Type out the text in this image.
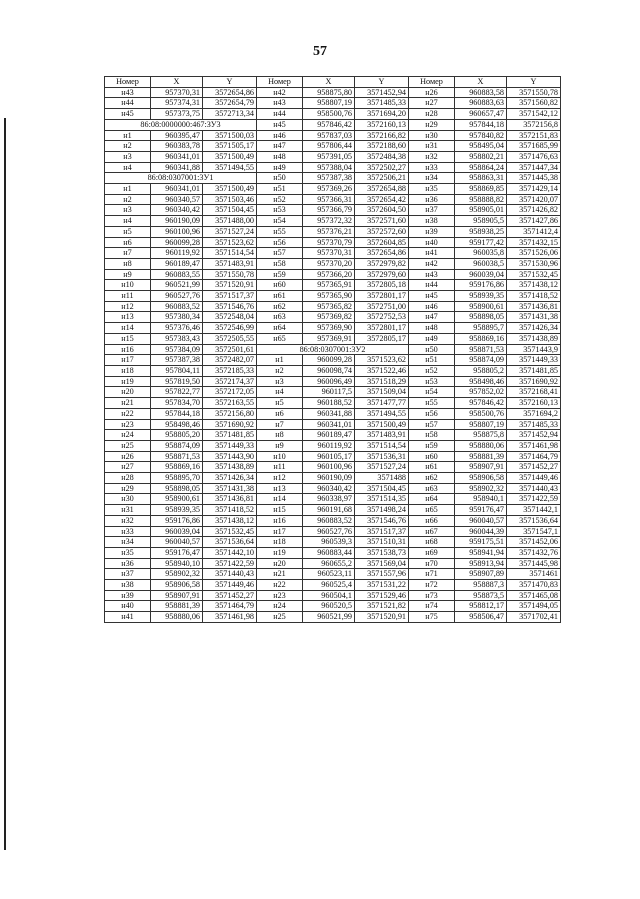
57
Номер	X	Y	Номер	X	Y	Номер	X	Y
н43	957370,31	3572654,86	н42	958875,80	3571452,94	н26	960883,58	3571550,78
н44	957374,31	3572654,79	н43	958807,19	3571485,33	н27	960883,63	3571560,82
н45	957373,75	3572713,34	н44	958500,76	3571694,20	н28	960657,47	3571542,12
86:08:0000000:467:ЗУ3			н45	957846,42	3572160,13	н29	957844,18	3572156,8
н1	960395,47	3571500,03	н46	957837,03	3572166,82	н30	957840,82	3572151,83
н2	960383,78	3571505,17	н47	957806,44	3572188,60	н31	958495,04	3571685,99
н3	960341,01	3571500,49	н48	957391,05	3572484,38	н32	958802,21	3571476,63
н4	960341,88	3571494,55	н49	957388,04	3572502,27	н33	958864,24	3571447,34
86:08:0307001:3У1			н50	957387,38	3572506,21	н34	958863,31	3571445,38
н1	960341,01	3571500,49	н51	957369,26	3572654,88	н35	958869,85	3571429,14
н2	960340,57	3571503,46	н52	957366,31	3572654,42	н36	958888,82	3571420,07
н3	960340,42	3571504,45	н53	957366,79	3572604,50	н37	958905,01	3571426,82
н4	960190,09	3571488,00	н54	957372,32	3572571,60	н38	958905,5	3571427,86
н5	960100,96	3571527,24	н55	957376,21	3572572,60	н39	958938,25	3571412,4
н6	960099,28	3571523,62	н56	957370,79	3572604,85	н40	959177,42	3571432,15
н7	960119,92	3571514,54	н57	957370,31	3572654,86	н41	960035,8	3571526,06
н8	960189,47	3571483,91	н58	957370,20	3572979,82	н42	960038,5	3571530,96
н9	960883,55	3571550,78	н59	957366,20	3572979,60	н43	960039,04	3571532,45
н10	960521,99	3571520,91	н60	957365,91	3572805,18	н44	959176,86	3571438,12
н11	960527,76	3571517,37	н61	957365,90	3572801,17	н45	958939,35	3571418,52
н12	960883,52	3571546,76	н62	957365,82	3572751,00	н46	958900,61	3571436,81
н13	957380,34	3572548,04	н63	957369,82	3572752,53	н47	958898,05	3571431,38
н14	957376,46	3572546,99	н64	957369,90	3572801,17	н48	958895,7	3571426,34
н15	957383,43	3572505,55	н65	957369,91	3572805,17	н49	958869,16	3571438,89
н16	957384,09	3572501,61	86:08:0307001:3У2			н50	958871,53	3571443,9
н17	957387,38	3572482,07	н1	960099,28	3571523,62	н51	958874,09	3571449,33
н18	957804,11	3572185,33	н2	960098,74	3571522,46	н52	958805,2	3571481,85
н19	957819,50	3572174,37	н3	960096,49	3571518,29	н53	958498,46	3571690,92
н20	957822,77	3572172,05	н4	960117,5	3571509,04	н54	957852,02	3572168,41
н21	957834,70	3572163,55	н5	960188,52	3571477,77	н55	957846,42	3572160,13
н22	957844,18	3572156,80	н6	960341,88	3571494,55	н56	958500,76	3571694,2
н23	958498,46	3571690,92	н7	960341,01	3571500,49	н57	958807,19	3571485,33
н24	958805,20	3571481,85	н8	960189,47	3571483,91	н58	958875,8	3571452,94
н25	958874,09	3571449,33	н9	960119,92	3571514,54	н59	958880,06	3571461,98
н26	958871,53	3571443,90	н10	960105,17	3571536,31	н60	958881,39	3571464,79
н27	958869,16	3571438,89	н11	960100,96	3571527,24	н61	958907,91	3571452,27
н28	958895,70	3571426,34	н12	960190,09	3571488	н62	958906,58	3571449,46
н29	958898,05	3571431,38	н13	960340,42	3571504,45	н63	958902,32	3571440,43
н30	958900,61	3571436,81	н14	960338,97	3571514,35	н64	958940,1	3571422,59
н31	958939,35	3571418,52	н15	960191,68	3571498,24	н65	959176,47	3571442,1
н32	959176,86	3571438,12	н16	960883,52	3571546,76	н66	960040,57	3571536,64
н33	960039,04	3571532,45	н17	960527,76	3571517,37	н67	960044,39	3571547,1
н34	960040,57	3571536,64	н18	960539,3	3571510,31	н68	959175,51	3571452,06
н35	959176,47	3571442,10	н19	960883,44	3571538,73	н69	958941,94	3571432,76
н36	958940,10	3571422,59	н20	960655,2	3571569,04	н70	958913,94	3571445,98
н37	958902,32	3571440,43	н21	960523,11	3571557,96	н71	958907,89	3571461
н38	958906,58	3571449,46	н22	960525,4	3571531,22	н72	958887,3	3571470,83
н39	958907,91	3571452,27	н23	960504,1	3571529,46	н73	958873,5	3571465,08
н40	958881,39	3571464,79	н24	960520,5	3571521,82	н74	958812,17	3571494,05
н41	958880,06	3571461,98	н25	960521,99	3571520,91	н75	958506,47	3571702,41
